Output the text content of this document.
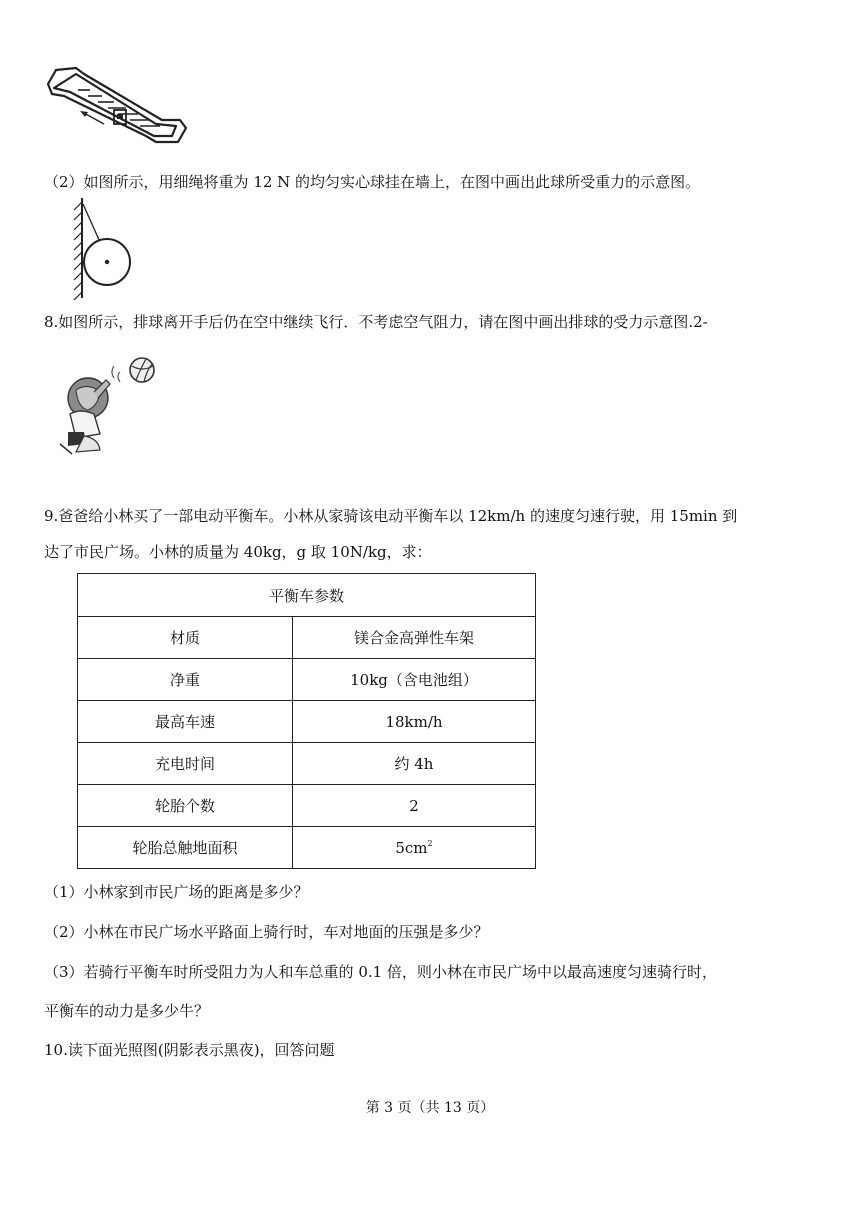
（2）如图所示，用细绳将重为 12 N 的均匀实心球挂在墙上，在图中画出此球所受重力的示意图。
8.如图所示，排球离开手后仍在空中继续飞行．不考虑空气阻力，请在图中画出排球的受力示意图.2-
9.爸爸给小林买了一部电动平衡车。小林从家骑该电动平衡车以 12km/h 的速度匀速行驶，用 15min 到
达了市民广场。小林的质量为 40kg，g 取 10N/kg，求：
平衡车参数	
材质	镁合金高弹性车架
净重	10kg（含电池组）
最高车速	18km/h
充电时间	约 4h
轮胎个数	2
轮胎总触地面积	$5cm^2$
（1）小林家到市民广场的距离是多少？
（2）小林在市民广场水平路面上骑行时，车对地面的压强是多少？
（3）若骑行平衡车时所受阻力为人和车总重的 0.1 倍，则小林在市民广场中以最高速度匀速骑行时，
平衡车的动力是多少牛？
10.读下面光照图(阴影表示黑夜)，回答问题
第 3 页（共 13 页）
